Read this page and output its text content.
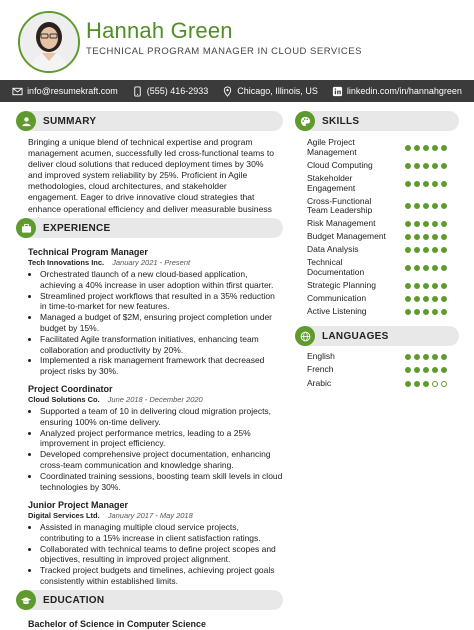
Hannah Green
TECHNICAL PROGRAM MANAGER IN CLOUD SERVICES
info@resumekraft.com	(555) 416-2933	Chicago, Illinois, US	linkedin.com/in/hannahgreen
SUMMARY
Bringing a unique blend of technical expertise and program management acumen, successfully led cross-functional teams to deliver cloud solutions that reduced deployment times by 30% and improved system reliability by 25%. Proficient in Agile methodologies, cloud architectures, and stakeholder engagement. Eager to drive innovative cloud strategies that enhance operational efficiency and deliver measurable business
EXPERIENCE
Technical Program Manager
Tech Innovations Inc. January 2021 - Present
• Orchestrated tlaunch of a new cloud-based application, achieving a 40% increase in user adoption within tfirst quarter.
• Streamlined project workflows that resulted in a 35% reduction in time-to-market for new features.
• Managed a budget of $2M, ensuring project completion under budget by 15%.
• Facilitated Agile transformation initiatives, enhancing team collaboration and productivity by 20%.
• Implemented a risk management framework that decreased project risks by 30%.
Project Coordinator
Cloud Solutions Co. June 2018 - December 2020
• Supported a team of 10 in delivering cloud migration projects, ensuring 100% on-time delivery.
• Analyzed project performance metrics, leading to a 25% improvement in project efficiency.
• Developed comprehensive project documentation, enhancing cross-team communication and knowledge sharing.
• Coordinated training sessions, boosting team skill levels in cloud technologies by 30%.
Junior Project Manager
Digital Services Ltd. January 2017 - May 2018
• Assisted in managing multiple cloud service projects, contributing to a 15% increase in client satisfaction ratings.
• Collaborated with technical teams to define project scopes and objectives, resulting in improved project alignment.
• Tracked project budgets and timelines, achieving project goals consistently within established limits.
EDUCATION
Bachelor of Science in Computer Science
SKILLS
Agile Project Management
Cloud Computing
Stakeholder Engagement
Cross-Functional Team Leadership
Risk Management
Budget Management
Data Analysis
Technical Documentation
Strategic Planning
Communication
Active Listening
LANGUAGES
English
French
Arabic
